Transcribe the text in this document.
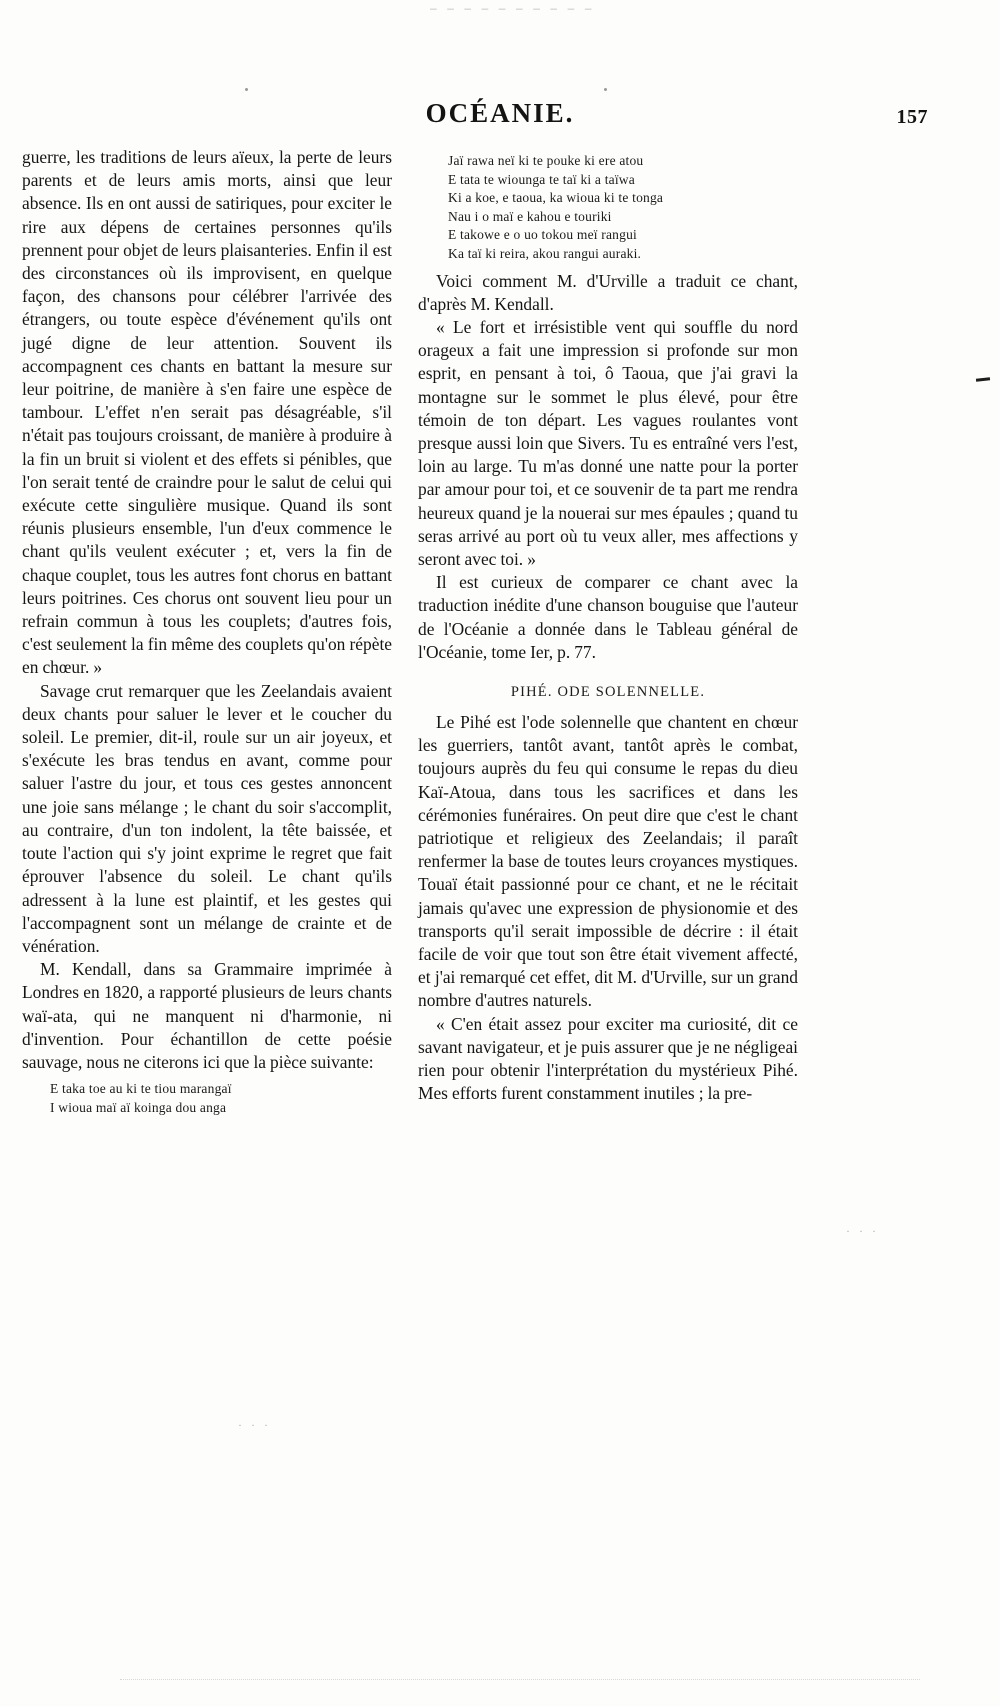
— — — — — — — — — —
OCÉANIE.	157

guerre, les traditions de leurs aïeux, la perte de leurs parents et de leurs amis morts, ainsi que leur absence. Ils en ont aussi de satiriques, pour exciter le rire aux dépens de certaines personnes qu'ils prennent pour objet de leurs plaisanteries. Enfin il est des circonstances où ils improvisent, en quelque façon, des chansons pour célébrer l'arrivée des étrangers, ou toute espèce d'événement qu'ils ont jugé digne de leur attention. Souvent ils accompagnent ces chants en battant la mesure sur leur poitrine, de manière à s'en faire une espèce de tambour. L'effet n'en serait pas désagréable, s'il n'était pas toujours croissant, de manière à produire à la fin un bruit si violent et des effets si pénibles, que l'on serait tenté de craindre pour le salut de celui qui exécute cette singulière musique. Quand ils sont réunis plusieurs ensemble, l'un d'eux commence le chant qu'ils veulent exécuter ; et, vers la fin de chaque couplet, tous les autres font chorus en battant leurs poitrines. Ces chorus ont souvent lieu pour un refrain commun à tous les couplets; d'autres fois, c'est seulement la fin même des couplets qu'on répète en chœur. »

Savage crut remarquer que les Zeelandais avaient deux chants pour saluer le lever et le coucher du soleil. Le premier, dit-il, roule sur un air joyeux, et s'exécute les bras tendus en avant, comme pour saluer l'astre du jour, et tous ces gestes annoncent une joie sans mélange ; le chant du soir s'accomplit, au contraire, d'un ton indolent, la tête baissée, et toute l'action qui s'y joint exprime le regret que fait éprouver l'absence du soleil. Le chant qu'ils adressent à la lune est plaintif, et les gestes qui l'accompagnent sont un mélange de crainte et de vénération.

M. Kendall, dans sa Grammaire imprimée à Londres en 1820, a rapporté plusieurs de leurs chants waï-ata, qui ne manquent ni d'harmonie, ni d'invention. Pour échantillon de cette poésie sauvage, nous ne citerons ici que la pièce suivante:

E taka toe au ki te tiou marangaï
I wioua maï aï koinga dou anga
Jaï rawa neï ki te pouke ki ere atou
E tata te wiounga te taï ki a taïwa
Ki a koe, e taoua, ka wioua ki te tonga
Nau i o maï e kahou e touriki
E takowe e o uo tokou meï rangui
Ka taï ki reira, akou rangui auraki.

Voici comment M. d'Urville a traduit ce chant, d'après M. Kendall.

« Le fort et irrésistible vent qui souffle du nord orageux a fait une impression si profonde sur mon esprit, en pensant à toi, ô Taoua, que j'ai gravi la montagne sur le sommet le plus élevé, pour être témoin de ton départ. Les vagues roulantes vont presque aussi loin que Sivers. Tu es entraîné vers l'est, loin au large. Tu m'as donné une natte pour la porter par amour pour toi, et ce souvenir de ta part me rendra heureux quand je la nouerai sur mes épaules ; quand tu seras arrivé au port où tu veux aller, mes affections y seront avec toi. »

Il est curieux de comparer ce chant avec la traduction inédite d'une chanson bouguise que l'auteur de l'Océanie a donnée dans le Tableau général de l'Océanie, tome Ier, p. 77.

PIHÉ. ODE SOLENNELLE.

Le Pihé est l'ode solennelle que chantent en chœur les guerriers, tantôt avant, tantôt après le combat, toujours auprès du feu qui consume le repas du dieu Kaï-Atoua, dans tous les sacrifices et dans les cérémonies funéraires. On peut dire que c'est le chant patriotique et religieux des Zeelandais; il paraît renfermer la base de toutes leurs croyances mystiques. Touaï était passionné pour ce chant, et ne le récitait jamais qu'avec une expression de physionomie et des transports qu'il serait impossible de décrire : il était facile de voir que tout son être était vivement affecté, et j'ai remarqué cet effet, dit M. d'Urville, sur un grand nombre d'autres naturels.

« C'en était assez pour exciter ma curiosité, dit ce savant navigateur, et je puis assurer que je ne négligeai rien pour obtenir l'interprétation du mystérieux Pihé. Mes efforts furent constamment inutiles ; la pre-

· · ·
· · ·
